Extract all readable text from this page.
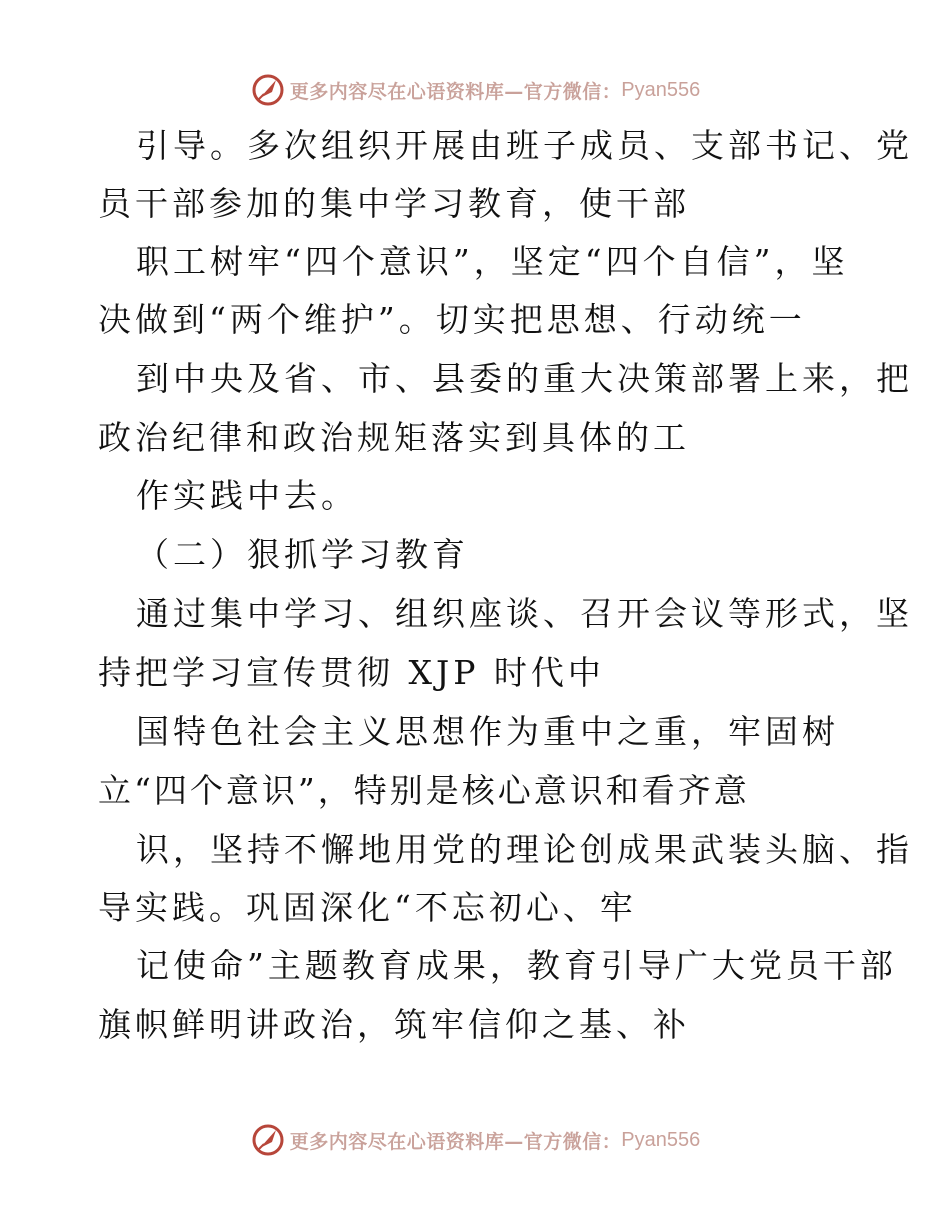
更多内容尽在心语资料库—官方微信： Pyan556
引导。多次组织开展由班子成员、支部书记、党
员干部参加的集中学习教育，使干部
职工树牢“四个意识”，坚定“四个自信”，坚
决做到“两个维护”。切实把思想、行动统一
到中央及省、市、县委的重大决策部署上来，把
政治纪律和政治规矩落实到具体的工
作实践中去。
（二）狠抓学习教育
通过集中学习、组织座谈、召开会议等形式，坚
持把学习宣传贯彻 XJP 时代中
国特色社会主义思想作为重中之重，牢固树
立“四个意识”，特别是核心意识和看齐意
识，坚持不懈地用党的理论创成果武装头脑、指
导实践。巩固深化“不忘初心、牢
记使命”主题教育成果，教育引导广大党员干部
旗帜鲜明讲政治，筑牢信仰之基、补
更多内容尽在心语资料库—官方微信： Pyan556
